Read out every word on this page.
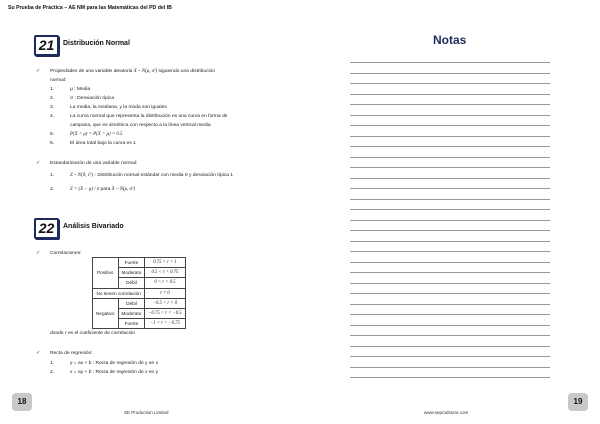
Su Prueba de Práctica – AE NM para las Matemáticas del PD del IB
21	Distribución Normal
✓ Propiedades de una variable aleatoria X ~ N(μ, σ²) siguiendo una distribución
normal:
1.	μ : Media
2.	σ : Desviación típica
3.	La media, la mediana, y la moda son iguales
4.	La curva normal que representa la distribución es una curva en forma de
campana, que es simétrica con respecto a la línea vertical media
5.	P(X < μ) = P(X > μ) = 0.5
6.	El área total bajo la curva es 1
✓ Estandarización de una variable normal:
1.	Z ~ N(0, 1²) : Distribución normal estándar con media 0 y desviación típica 1
2.	Z = (X − μ) / σ para X ~ N(μ, σ²)
22	Análisis Bivariado
✓ Correlaciones:
Positivo	Fuerte	0.75 < r < 1
	Moderato	0.5 < r < 0.75
	Débil	0 < r < 0.5
No tienen correlación		r = 0
Negativo	Débil	−0.5 < r < 0
	Moderato	−0.75 < r < −0.5
	Fuerte	−1 < r < −0.75
donde r es el coeficiente de correlación
✓ Recta de regresión:
1.	y = ax + b : Recta de regresión de y en x
2.	x = ay + b : Recta de regresión de x en y
18
SE Production Limited
Notas
19
www.seprodstore.com
